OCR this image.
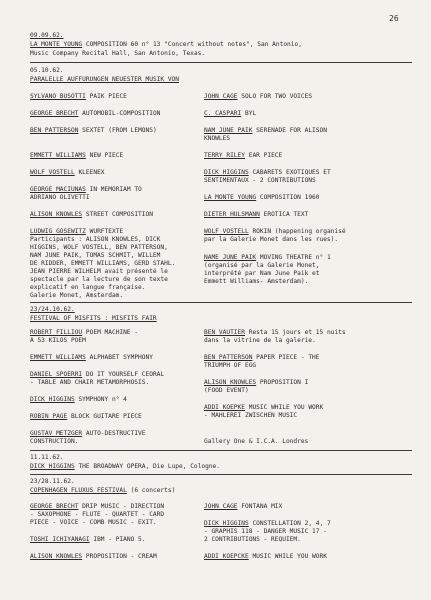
26
09.09.62.
LA MONTE YOUNG COMPOSITION 60 n° 13 "Concert without notes", San Antonio,
Music Company Recital Hall, San Antonio, Texas.
05.10.62.
PARALELLE AUFFURUNGEN NEUESTER MUSIK VON
SYLVANO BUSOTTI PAIK PIECE
GEORGE BRECHT AUTOMOBIL-COMPOSITION
BEN PATTERSON SEXTET (FROM LEMONS)
EMMETT WILLIAMS NEW PIECE
WOLF VOSTELL KLEENEX
GEORGE MACIUNAS IN MEMORIAM TO
ADRIANO OLIVETTI
ALISON KNOWLES STREET COMPOSITION
LUDWIG GOSEWITZ WURFTEXTE
Participants : ALISON KNOWLES, DICK
HIGGINS, WOLF VOSTELL, BEN PATTERSON,
NAM JUNE PAIK, TOMAS SCHMIT, WILLEM
DE RIDDER, EMMETT WILLIAMS, GERD STAHL.
JEAN PIERRE WILHELM avait présenté le
spectacle par la lecture de son texte
explicatif en langue française.
Galerie Monet, Amsterdam.
JOHN CAGE SOLO FOR TWO VOICES
C. CASPARI BYL
NAM JUNE PAIK SERENADE FOR ALISON
KNOWLES
TERRY RILEY EAR PIECE
DICK HIGGINS CABARETS EXOTIQUES ET
SENTIMENTAUX - 2 CONTRIBUTIONS
LA MONTE YOUNG COMPOSITION 1960
DIETER HULSMANN EROTICA TEXT
WOLF VOSTELL ROKIN (happening organisé
par la Galerie Monet dans les rues).
NAME JUNE PAIK MOVING THEATRE n° 1
(organisé par la Galerie Monet,
interprété par Nam June Paik et
Emmett Williams- Amsterdam).
23/24.10.62.
FESTIVAL OF MISFITS : MISFITS FAIR
ROBERT FILLIOU POEM MACHINE -
A 53 KILOS POEM
EMMETT WILLIAMS ALPHABET SYMPHONY
DANIEL SPOERRI DO IT YOURSELF CEORAL
- TABLE AND CHAIR METAMORPHOSIS.
DICK HIGGINS SYMPHONY n° 4
ROBIN PAGE BLOCK GUITARE PIECE
GUSTAV METZGER AUTO-DESTRUCTIVE
CONSTRUCTION.
BEN VAUTIER Resta 15 jours et 15 nuits
dans la vitrine de la galerie.
BEN PATTERSON PAPER PIECE - THE
TRIUMPH OF EGG
ALISON KNOWLES PROPOSITION I
(FOOD EVENT)
ADDI KOEPKE MUSIC WHILE YOU WORK
- MAHLEREI ZWISCHEN MUSIC
Gallery One & I.C.A. Londres
11.11.62.
DICK HIGGINS THE BROADWAY OPERA, Die Lupe, Cologne.
23/28.11.62.
COPENHAGEN FLUXUS FESTIVAL (6 concerts)
GEORGE BRECHT DRIP MUSIC - DIRECTION
- SAXOPHONE - FLUTE - QUARTET - CARD
PIECE - VOICE - COMB MUSIC - EXIT.
TOSHI ICHIYANAGI IBM - PIANO 5.
ALISON KNOWLES PROPOSITION - CREAM
JOHN CAGE FONTANA MIX
DICK HIGGINS CONSTELLATION 2, 4, 7
- GRAPHIS 118 - DANGER MUSIC 17 -
2 CONTRIBUTIONS - REQUIEM.
ADDI KOEPCKE MUSIC WHILE YOU WORK
